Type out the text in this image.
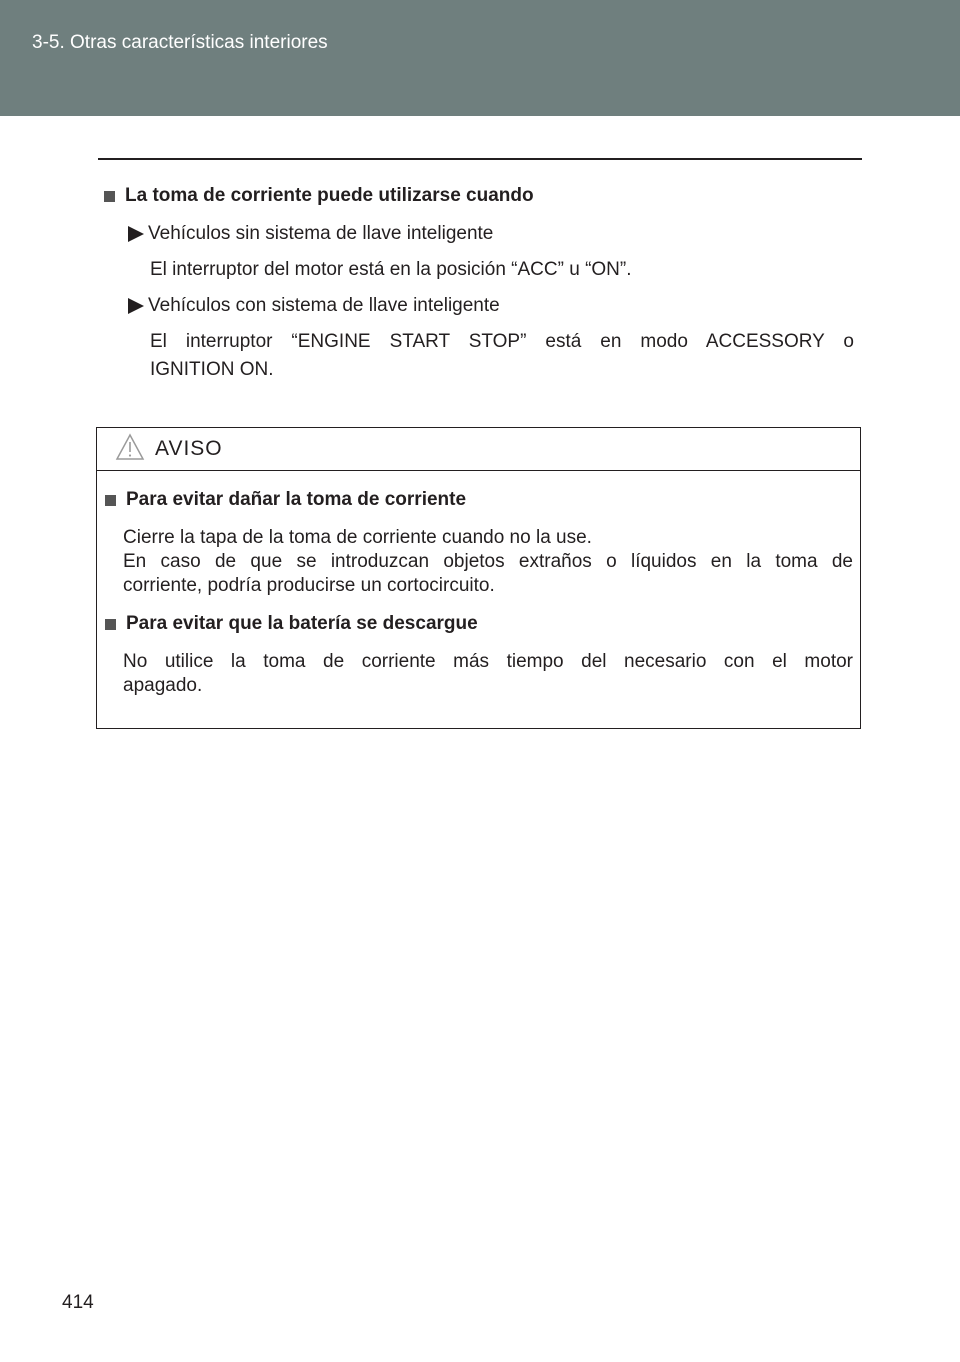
3-5. Otras características interiores
La toma de corriente puede utilizarse cuando
Vehículos sin sistema de llave inteligente
El interruptor del motor está en la posición “ACC” u “ON”.
Vehículos con sistema de llave inteligente
El interruptor “ENGINE START STOP” está en modo ACCESSORY o
IGNITION ON.
AVISO
Para evitar dañar la toma de corriente
Cierre la tapa de la toma de corriente cuando no la use.
En caso de que se introduzcan objetos extraños o líquidos en la toma de
corriente, podría producirse un cortocircuito.
Para evitar que la batería se descargue
No utilice la toma de corriente más tiempo del necesario con el motor
apagado.
414
